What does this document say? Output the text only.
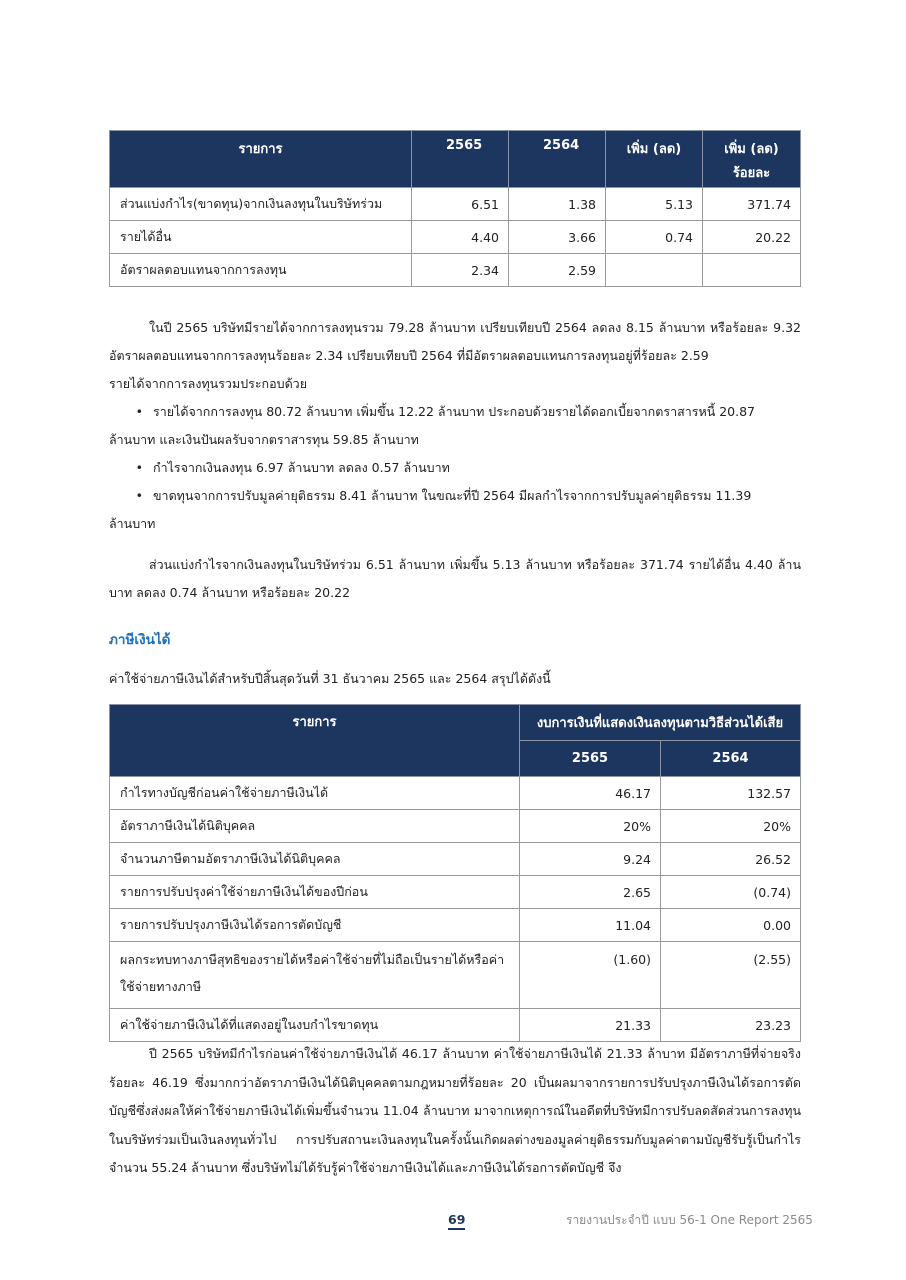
รายการ	2565	2564	เพิ่ม (ลด)	เพิ่ม (ลด)
ร้อยละ
ส่วนแบ่งกำไร(ขาดทุน)จากเงินลงทุนในบริษัทร่วม	6.51	1.38	5.13	371.74
รายได้อื่น	4.40	3.66	0.74	20.22
อัตราผลตอบแทนจากการลงทุน	2.34	2.59		

ในปี 2565 บริษัทมีรายได้จากการลงทุนรวม 79.28 ล้านบาท เปรียบเทียบปี 2564 ลดลง 8.15 ล้านบาท หรือร้อยละ 9.32 อัตราผลตอบแทนจากการลงทุนร้อยละ 2.34 เปรียบเทียบปี 2564 ที่มีอัตราผลตอบแทนการลงทุนอยู่ที่ร้อยละ 2.59

รายได้จากการลงทุนรวมประกอบด้วย

• รายได้จากการลงทุน 80.72 ล้านบาท เพิ่มขึ้น 12.22 ล้านบาท ประกอบด้วยรายได้ดอกเบี้ยจากตราสารหนี้ 20.87
ล้านบาท และเงินปันผลรับจากตราสารทุน 59.85 ล้านบาท
• กำไรจากเงินลงทุน 6.97 ล้านบาท ลดลง 0.57 ล้านบาท
• ขาดทุนจากการปรับมูลค่ายุติธรรม 8.41 ล้านบาท ในขณะที่ปี 2564 มีผลกำไรจากการปรับมูลค่ายุติธรรม 11.39
ล้านบาท

ส่วนแบ่งกำไรจากเงินลงทุนในบริษัทร่วม 6.51 ล้านบาท เพิ่มขึ้น 5.13 ล้านบาท หรือร้อยละ 371.74 รายได้อื่น 4.40 ล้านบาท ลดลง 0.74 ล้านบาท หรือร้อยละ 20.22

ภาษีเงินได้

ค่าใช้จ่ายภาษีเงินได้สำหรับปีสิ้นสุดวันที่ 31 ธันวาคม 2565 และ 2564 สรุปได้ดังนี้

รายการ	งบการเงินที่แสดงเงินลงทุนตามวิธีส่วนได้เสีย	
	2565	2564
กำไรทางบัญชีก่อนค่าใช้จ่ายภาษีเงินได้	46.17	132.57
อัตราภาษีเงินได้นิติบุคคล	20%	20%
จำนวนภาษีตามอัตราภาษีเงินได้นิติบุคคล	9.24	26.52
รายการปรับปรุงค่าใช้จ่ายภาษีเงินได้ของปีก่อน	2.65	(0.74)
รายการปรับปรุงภาษีเงินได้รอการตัดบัญชี	11.04	0.00
ผลกระทบทางภาษีสุทธิของรายได้หรือค่าใช้จ่ายที่ไม่ถือเป็นรายได้หรือค่าใช้จ่ายทางภาษี	(1.60)	(2.55)
ค่าใช้จ่ายภาษีเงินได้ที่แสดงอยู่ในงบกำไรขาดทุน	21.33	23.23

ปี 2565 บริษัทมีกำไรก่อนค่าใช้จ่ายภาษีเงินได้ 46.17 ล้านบาท ค่าใช้จ่ายภาษีเงินได้ 21.33 ล้าบาท มีอัตราภาษีที่จ่ายจริงร้อยละ 46.19 ซึ่งมากกว่าอัตราภาษีเงินได้นิติบุคคลตามกฎหมายที่ร้อยละ 20 เป็นผลมาจากรายการปรับปรุงภาษีเงินได้รอการตัดบัญชีซึ่งส่งผลให้ค่าใช้จ่ายภาษีเงินได้เพิ่มขึ้นจำนวน 11.04 ล้านบาท มาจากเหตุการณ์ในอดีตที่บริษัทมีการปรับลดสัดส่วนการลงทุนในบริษัทร่วมเป็นเงินลงทุนทั่วไป การปรับสถานะเงินลงทุนในครั้งนั้นเกิดผลต่างของมูลค่ายุติธรรมกับมูลค่าตามบัญชีรับรู้เป็นกำไรจำนวน 55.24 ล้านบาท ซึ่งบริษัทไม่ได้รับรู้ค่าใช้จ่ายภาษีเงินได้และภาษีเงินได้รอการตัดบัญชี จึง

69	รายงานประจำปี แบบ 56-1 One Report 2565
